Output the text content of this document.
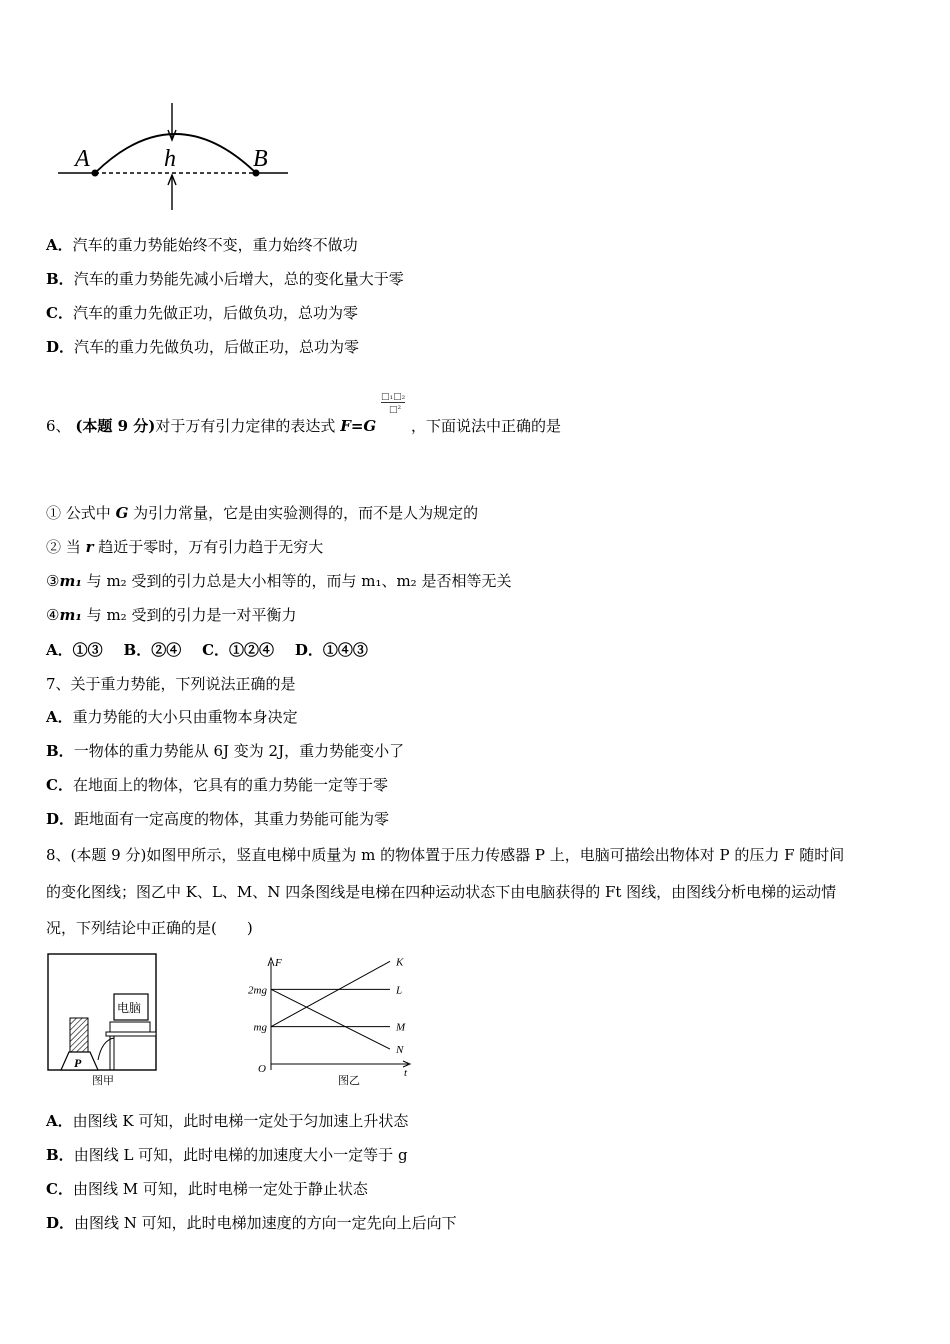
A	h	B
A．汽车的重力势能始终不变，重力始终不做功
B．汽车的重力势能先减小后增大，总的变化量大于零
C．汽车的重力先做正功，后做负功，总功为零
D．汽车的重力先做负功，后做正功，总功为零
6、 (本题 9 分)对于万有引力定律的表达式 F=G
□₁□₂
□²
，下面说法中正确的是
① 公式中 G 为引力常量，它是由实验测得的，而不是人为规定的
② 当 r 趋近于零时，万有引力趋于无穷大
③m₁ 与 m₂ 受到的引力总是大小相等的，而与 m₁、m₂ 是否相等无关
④m₁ 与 m₂ 受到的引力是一对平衡力
A．①③    B．②④    C．①②④    D．①④③
7、关于重力势能，下列说法正确的是
A．重力势能的大小只由重物本身决定
B．一物体的重力势能从 6J 变为 2J，重力势能变小了
C．在地面上的物体，它具有的重力势能一定等于零
D．距地面有一定高度的物体，其重力势能可能为零
8、(本题 9 分)如图甲所示，竖直电梯中质量为 m 的物体置于压力传感器 P 上，电脑可描绘出物体对 P 的压力 F 随时间
的变化图线；图乙中 K、L、M、N 四条图线是电梯在四种运动状态下由电脑获得的 Ft 图线，由图线分析电梯的运动情
况，下列结论中正确的是(　　)
P
电脑
图甲
F
t
O
图乙
mg
2mg
K
L
M
N
A．由图线 K 可知，此时电梯一定处于匀加速上升状态
B．由图线 L 可知，此时电梯的加速度大小一定等于 g
C．由图线 M 可知，此时电梯一定处于静止状态
D．由图线 N 可知，此时电梯加速度的方向一定先向上后向下
